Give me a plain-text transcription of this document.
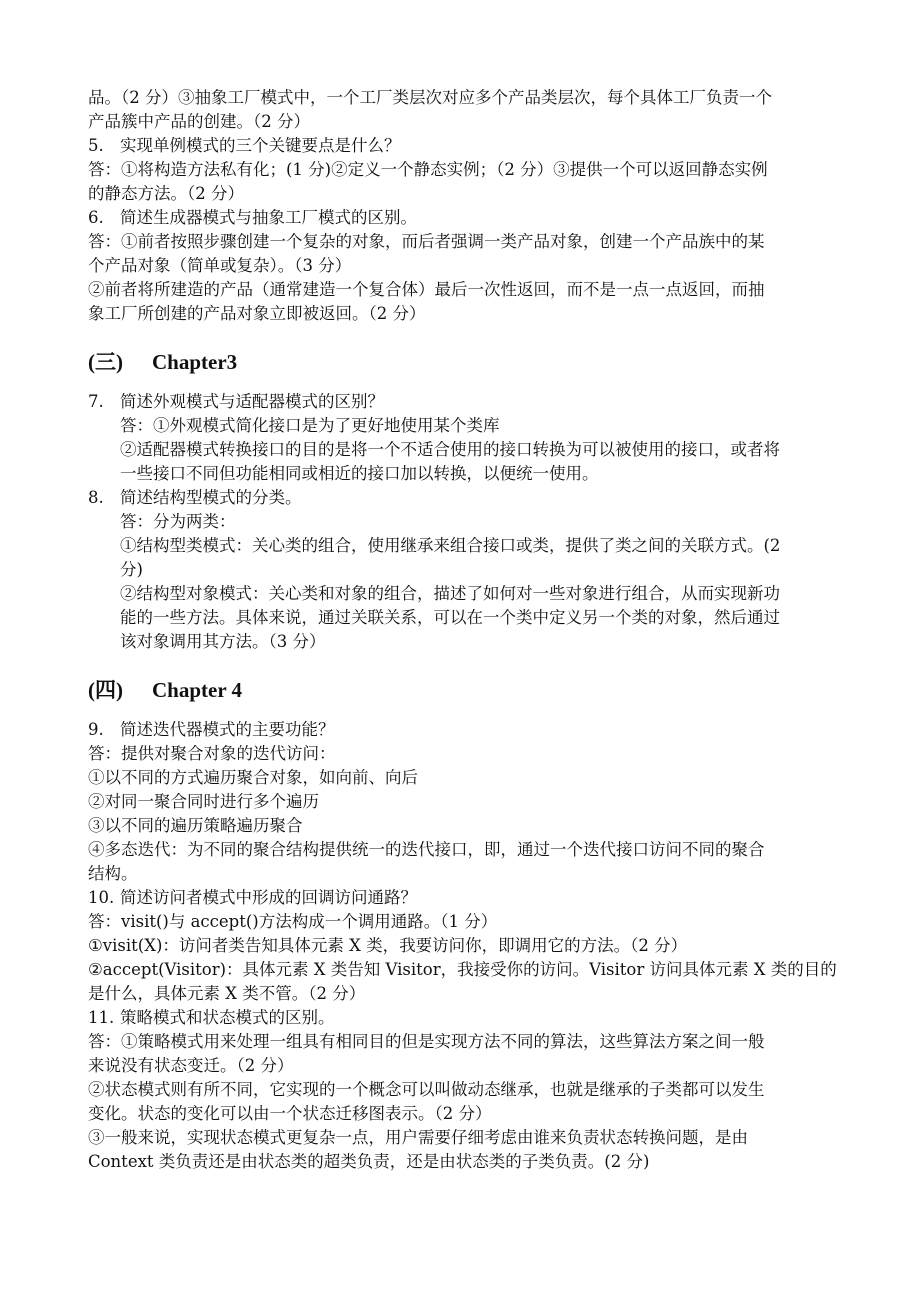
品。（2 分）③抽象工厂模式中，一个工厂类层次对应多个产品类层次，每个具体工厂负责一个

产品簇中产品的创建。（2 分）

5. 实现单例模式的三个关键要点是什么？

答：①将构造方法私有化；(1 分)②定义一个静态实例；（2 分）③提供一个可以返回静态实例

的静态方法。（2 分）

6. 简述生成器模式与抽象工厂模式的区别。

答：①前者按照步骤创建一个复杂的对象，而后者强调一类产品对象，创建一个产品族中的某

个产品对象（简单或复杂）。（3 分）

②前者将所建造的产品（通常建造一个复合体）最后一次性返回，而不是一点一点返回，而抽

象工厂所创建的产品对象立即被返回。（2 分）

(三)	Chapter3
7. 简述外观模式与适配器模式的区别？

答：①外观模式简化接口是为了更好地使用某个类库

②适配器模式转换接口的目的是将一个不适合使用的接口转换为可以被使用的接口，或者将

一些接口不同但功能相同或相近的接口加以转换，以便统一使用。

8. 简述结构型模式的分类。

答：分为两类：

①结构型类模式：关心类的组合，使用继承来组合接口或类，提供了类之间的关联方式。(2

分)

②结构型对象模式：关心类和对象的组合，描述了如何对一些对象进行组合，从而实现新功

能的一些方法。具体来说，通过关联关系，可以在一个类中定义另一个类的对象，然后通过

该对象调用其方法。（3 分）

(四)	Chapter 4
9. 简述迭代器模式的主要功能？

答：提供对聚合对象的迭代访问：

①以不同的方式遍历聚合对象，如向前、向后

②对同一聚合同时进行多个遍历

③以不同的遍历策略遍历聚合

④多态迭代：为不同的聚合结构提供统一的迭代接口，即，通过一个迭代接口访问不同的聚合

结构。

10. 简述访问者模式中形成的回调访问通路？

答：visit()与 accept()方法构成一个调用通路。（1 分）

①visit(X)：访问者类告知具体元素 X 类，我要访问你，即调用它的方法。（2 分）

②accept(Visitor)：具体元素 X 类告知 Visitor，我接受你的访问。Visitor 访问具体元素 X 类的目的

是什么，具体元素 X 类不管。（2 分）

11. 策略模式和状态模式的区别。

答：①策略模式用来处理一组具有相同目的但是实现方法不同的算法，这些算法方案之间一般

来说没有状态变迁。（2 分）

②状态模式则有所不同，它实现的一个概念可以叫做动态继承，也就是继承的子类都可以发生

变化。状态的变化可以由一个状态迁移图表示。（2 分）

③一般来说，实现状态模式更复杂一点，用户需要仔细考虑由谁来负责状态转换问题，是由

Context 类负责还是由状态类的超类负责，还是由状态类的子类负责。(2 分)
